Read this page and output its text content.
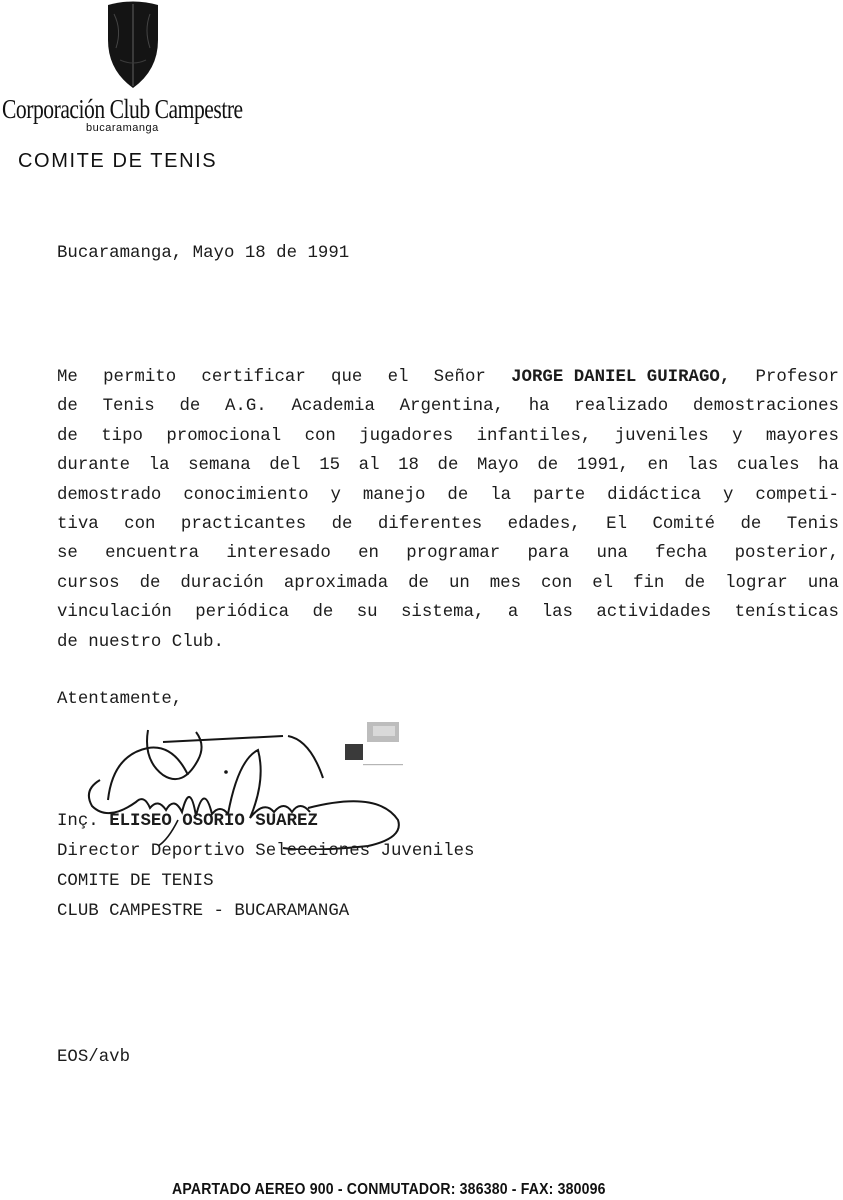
Corporación Club Campestre
bucaramanga
COMITE DE TENIS
Bucaramanga, Mayo 18 de 1991
Me permito certificar que el Señor JORGE DANIEL GUIRAGO, Profesor
de Tenis de A.G. Academia Argentina, ha realizado demostraciones
de tipo promocional con jugadores infantiles, juveniles y mayores
durante la semana del 15 al 18 de Mayo de 1991, en las cuales ha
demostrado conocimiento y manejo de la parte didáctica y competi-
tiva con practicantes de diferentes edades, El Comité de Tenis
se encuentra interesado en programar para una fecha posterior,
cursos de duración aproximada de un mes con el fin de lograr una
vinculación periódica de su sistema, a las actividades tenísticas
de nuestro Club.
Atentamente,
Inç. ELISEO OSORIO SUAREZ
Director Deportivo Selecciones Juveniles
COMITE DE TENIS
CLUB CAMPESTRE - BUCARAMANGA
EOS/avb
APARTADO AEREO 900 - CONMUTADOR: 386380 - FAX: 380096
